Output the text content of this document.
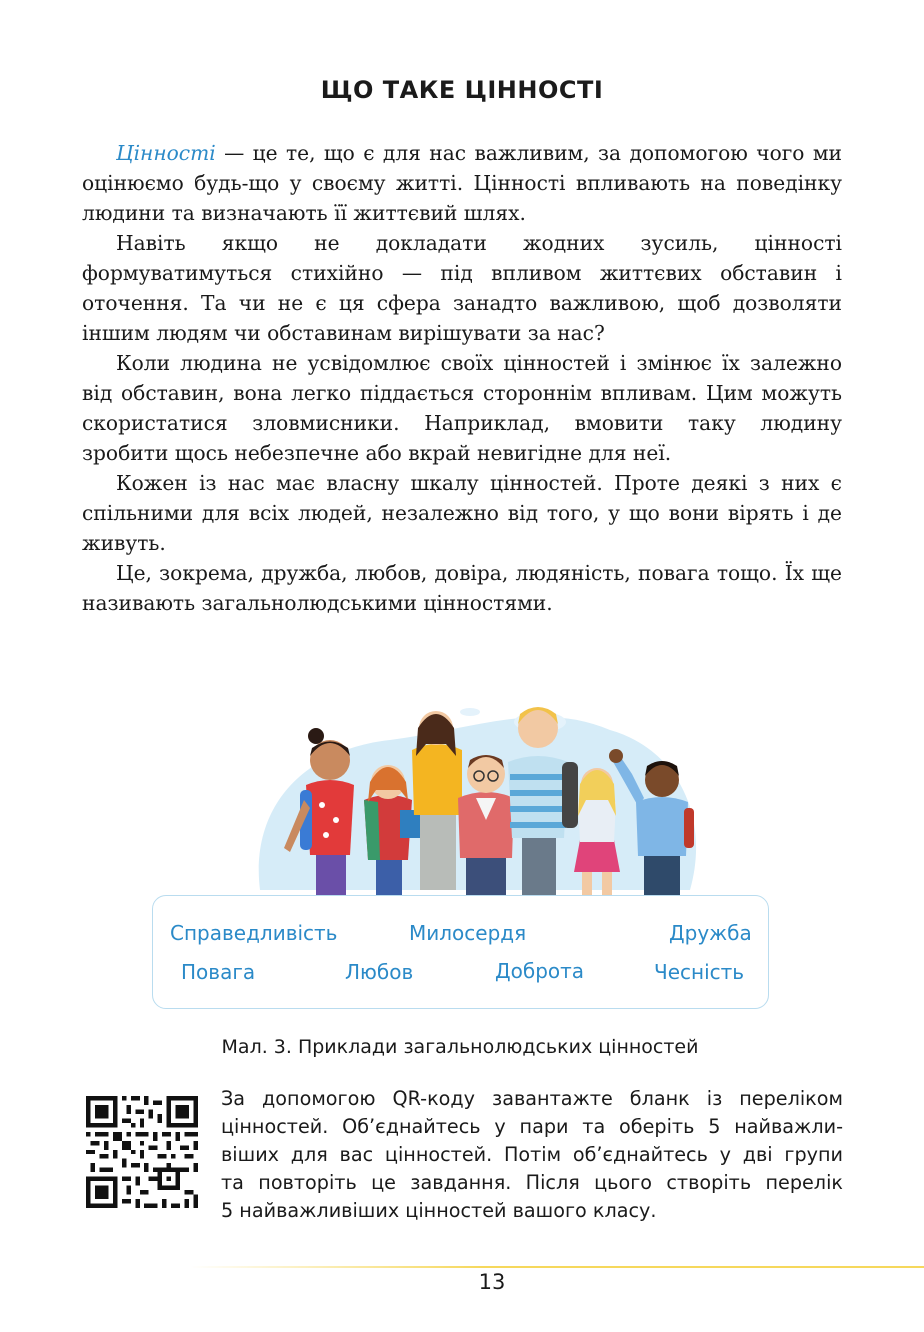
ЩО ТАКЕ ЦІННОСТІ

Цінності — це те, що є для нас важливим, за допомогою чого ми оцінюємо будь-що у своєму житті. Цінності впливають на поведінку людини та визначають її життєвий шлях.

Навіть якщо не докладати жодних зусиль, цінності формуватимуться стихійно — під впливом життєвих обставин і оточення. Та чи не є ця сфера занадто важливою, щоб дозволяти іншим людям чи обставинам вирішувати за нас?

Коли людина не усвідомлює своїх цінностей і змінює їх залежно від обставин, вона легко піддається стороннім впливам. Цим можуть скористатися зловмисники. Наприклад, вмовити таку людину зробити щось небезпечне або вкрай невигідне для неї.

Кожен із нас має власну шкалу цінностей. Проте деякі з них є спільними для всіх людей, незалежно від того, у що вони вірять і де живуть.

Це, зокрема, дружба, любов, довіра, людяність, повага тощо. Їх ще називають загальнолюдськими цінностями.

Справедливість	Милосердя	Дружба
Повага	Любов	Доброта	Чесність
Мал. 3. Приклади загальнолюдських цінностей
За допомогою QR-коду завантажте бланк із переліком
цінностей. Об’єднайтесь у пари та оберіть 5 найважли-
віших для вас цінностей. Потім об’єднайтесь у дві групи
та повторіть це завдання. Після цього створіть перелік
5 найважливіших цінностей вашого класу.
13
